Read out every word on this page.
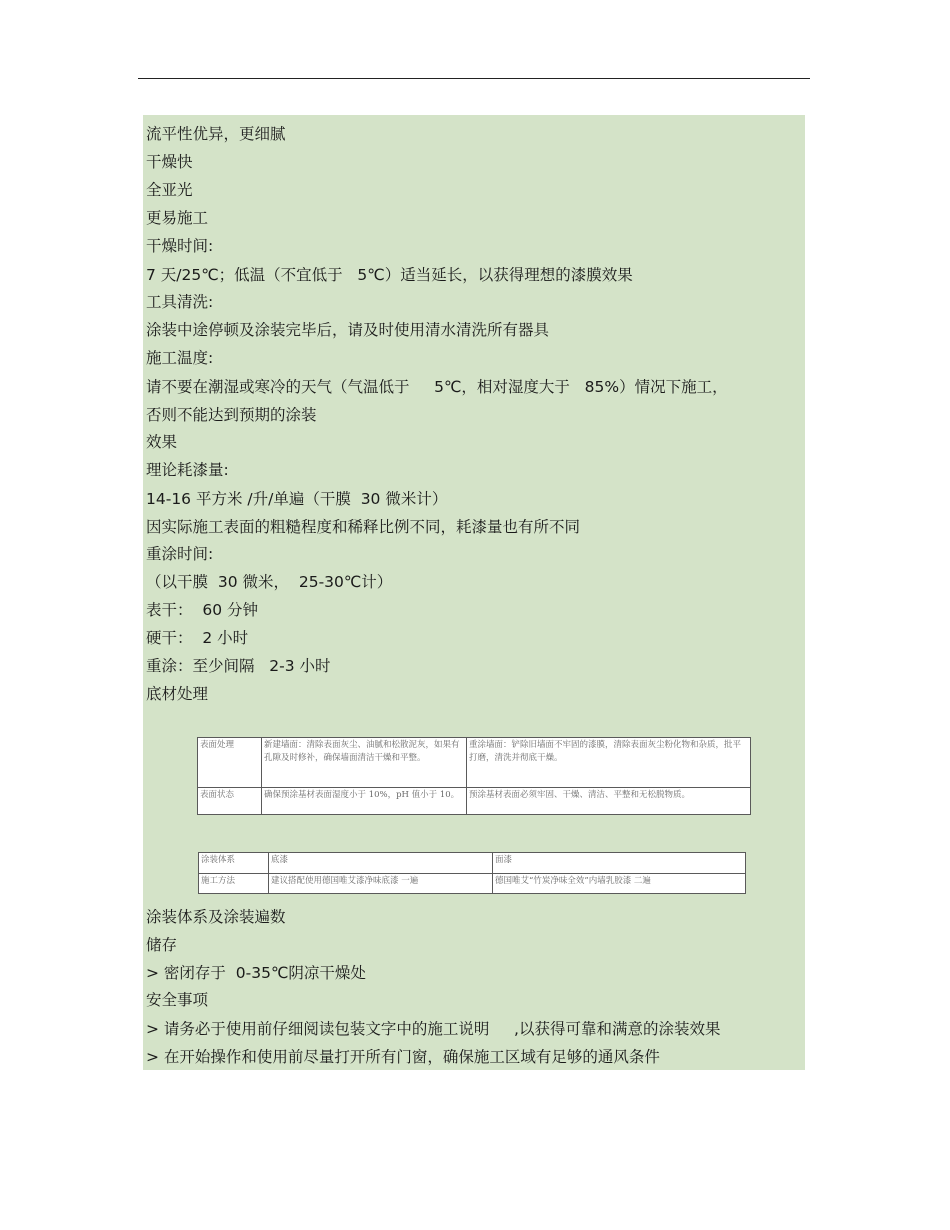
流平性优异，更细腻
干燥快
全亚光
更易施工
干燥时间:
7 天/25℃；低温（不宜低于   5℃）适当延长，以获得理想的漆膜效果
工具清洗:
涂装中途停顿及涂装完毕后，请及时使用清水清洗所有器具
施工温度:
请不要在潮湿或寒冷的天气（气温低于     5℃，相对湿度大于   85%）情况下施工，
否则不能达到预期的涂装
效果
理论耗漆量:
14-16 平方米 /升/单遍（干膜  30 微米计）
因实际施工表面的粗糙程度和稀释比例不同，耗漆量也有所不同
重涂时间:
（以干膜  30 微米，  25-30℃计）
表干：  60 分钟
硬干：  2 小时
重涂：至少间隔   2-3 小时
底材处理
表面处理	新建墙面：清除表面灰尘、油腻和松散泥灰，如果有孔隙及时修补，确保墙面清洁干燥和平整。	重涂墙面：铲除旧墙面不牢固的漆膜，清除表面灰尘粉化物和杂质，批平打磨，清洗并彻底干燥。
表面状态	确保预涂基材表面湿度小于 10%，pH 值小于 10。	预涂基材表面必须牢固、干燥、清洁、平整和无松脱物质。
涂装体系	底漆	面漆
施工方法	建议搭配使用德国唯艾漆净味底漆 一遍	德国唯艾“竹炭净味全效”内墙乳胶漆 二遍
涂装体系及涂装遍数
储存
> 密闭存于  0-35℃阴凉干燥处
安全事项
> 请务必于使用前仔细阅读包装文字中的施工说明     ,以获得可靠和满意的涂装效果
> 在开始操作和使用前尽量打开所有门窗，确保施工区域有足够的通风条件
